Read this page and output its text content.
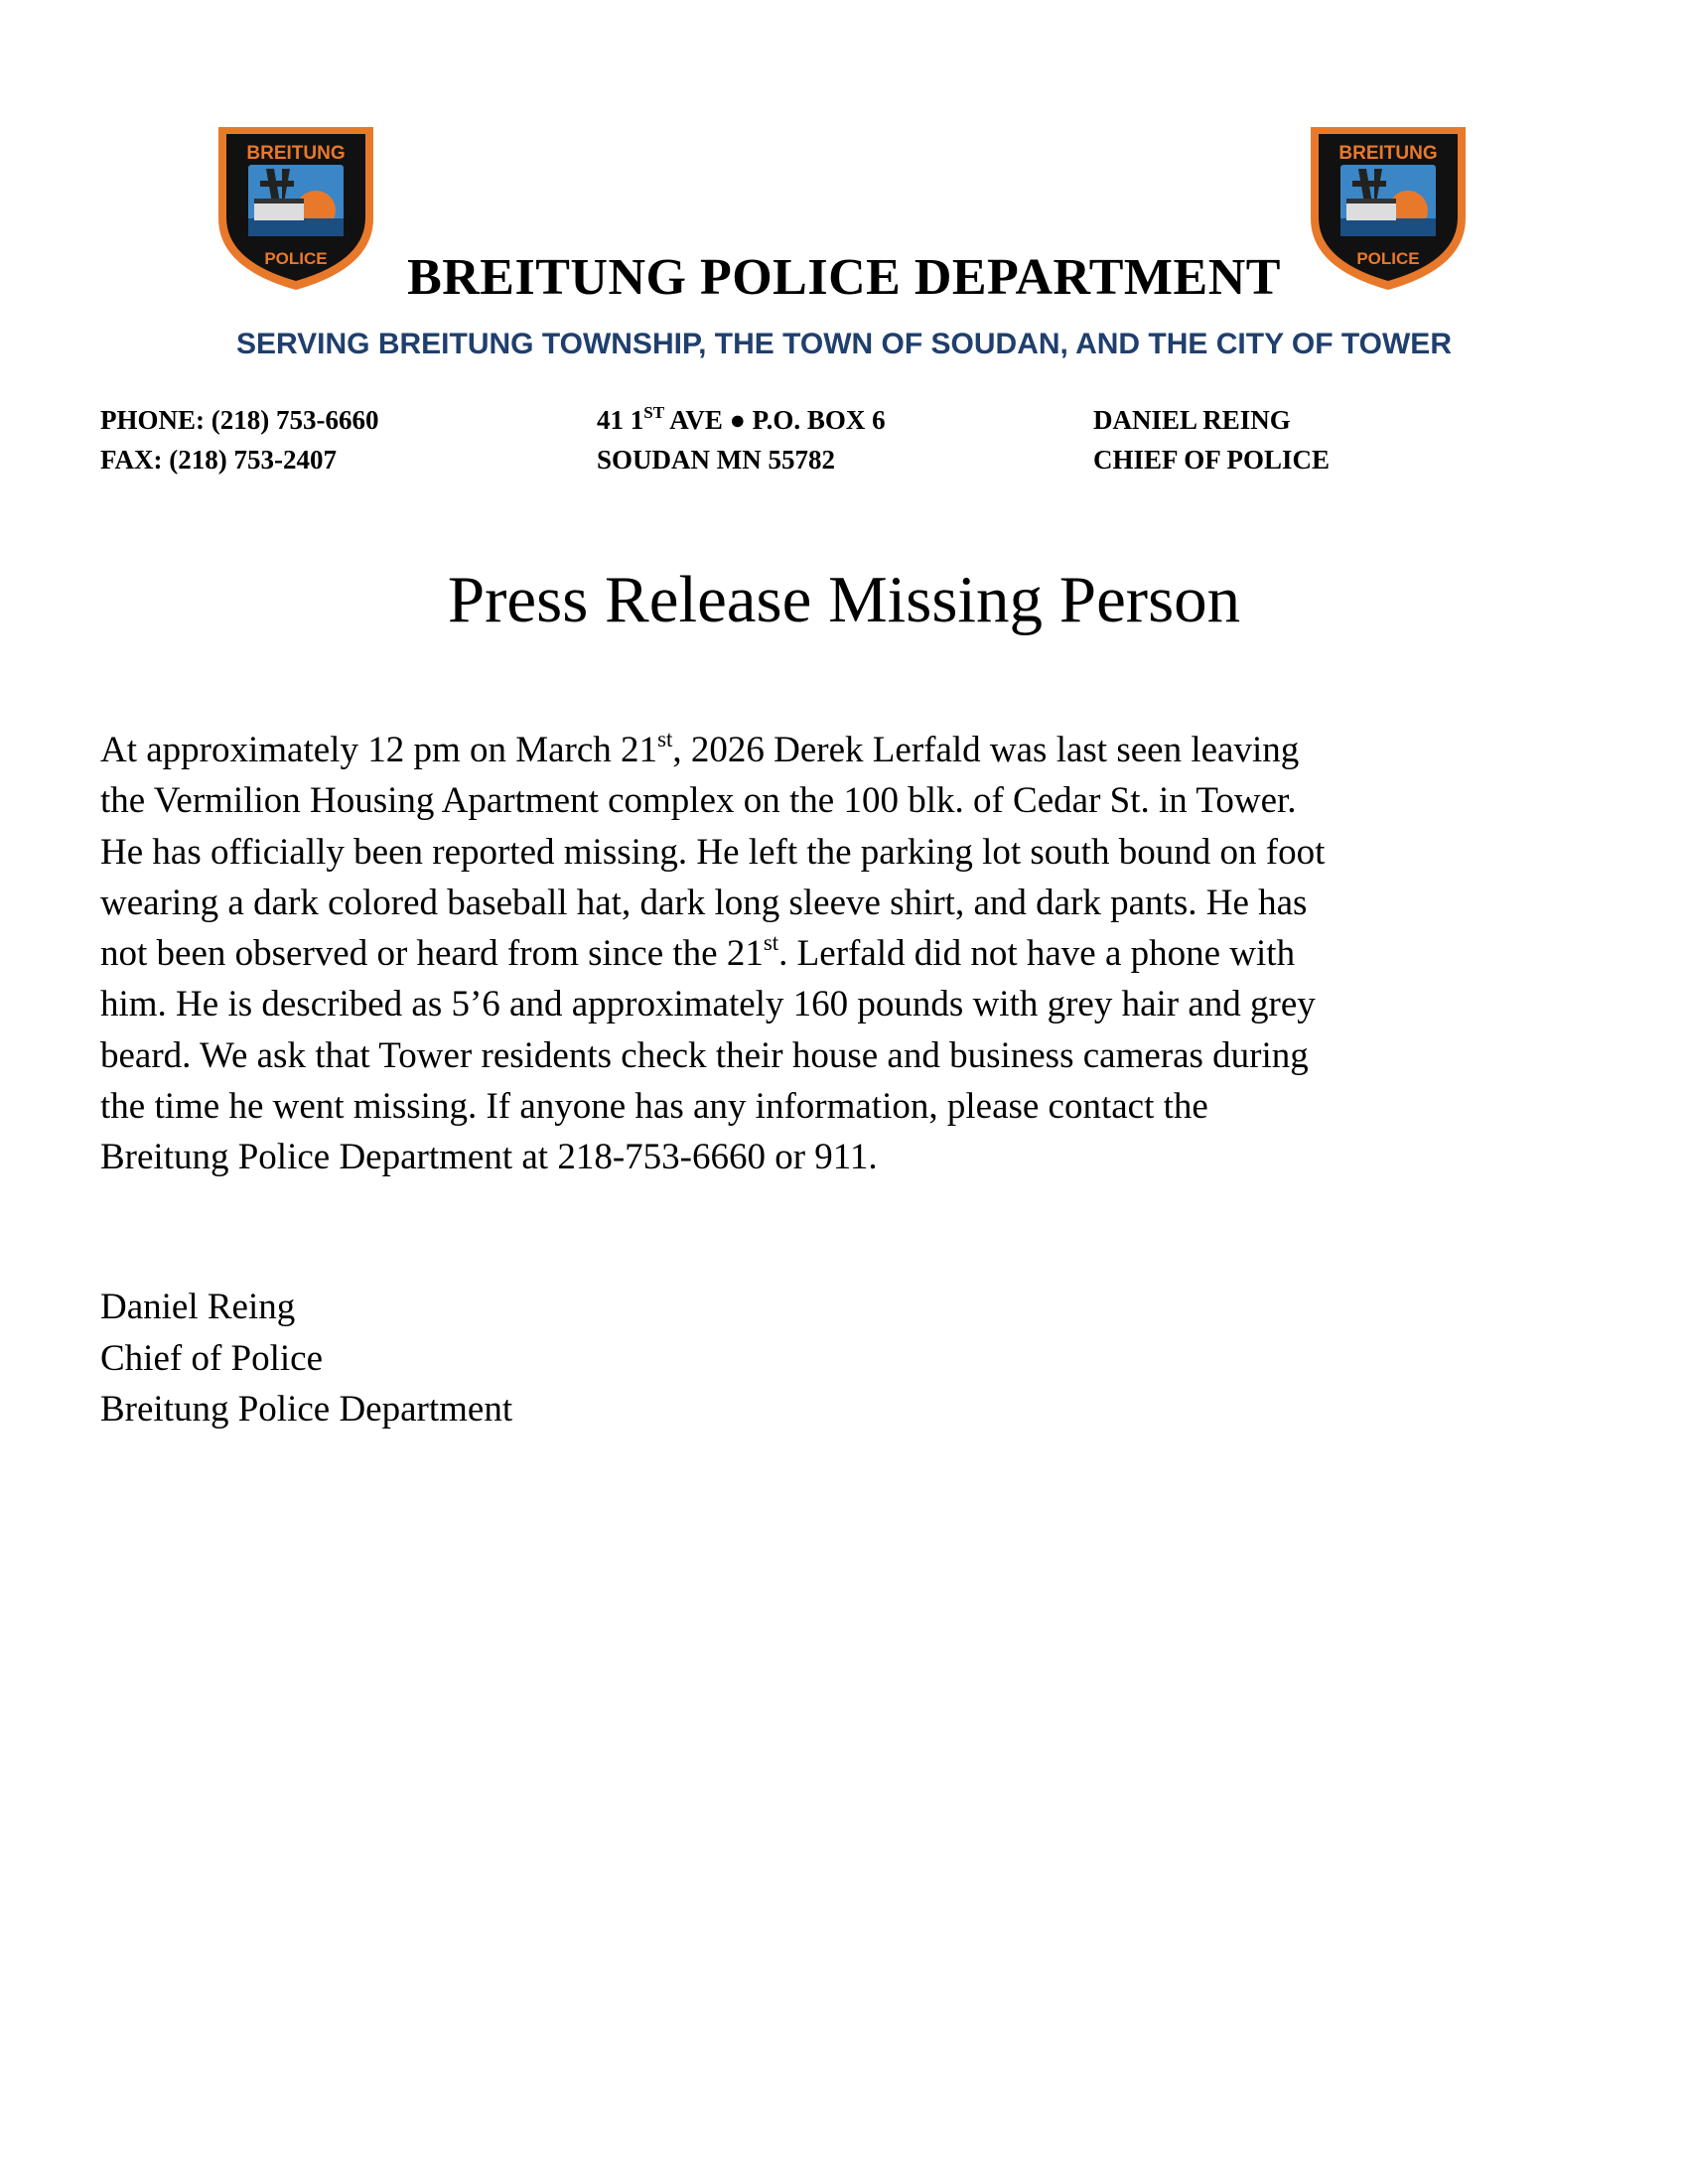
BREITUNG
POLICE
BREITUNG
POLICE
BREITUNG POLICE DEPARTMENT
SERVING BREITUNG TOWNSHIP, THE TOWN OF SOUDAN, AND THE CITY OF TOWER
PHONE: (218) 753-6660
FAX: (218) 753-2407
41 1ST AVE ● P.O. BOX 6
SOUDAN MN 55782
DANIEL REING
CHIEF OF POLICE
Press Release Missing Person
At approximately 12 pm on March 21st, 2026 Derek Lerfald was last seen leaving
the Vermilion Housing Apartment complex on the 100 blk. of Cedar St. in Tower.
He has officially been reported missing. He left the parking lot south bound on foot
wearing a dark colored baseball hat, dark long sleeve shirt, and dark pants. He has
not been observed or heard from since the 21st. Lerfald did not have a phone with
him. He is described as 5’6 and approximately 160 pounds with grey hair and grey
beard. We ask that Tower residents check their house and business cameras during
the time he went missing. If anyone has any information, please contact the
Breitung Police Department at 218-753-6660 or 911.
Daniel Reing
Chief of Police
Breitung Police Department
